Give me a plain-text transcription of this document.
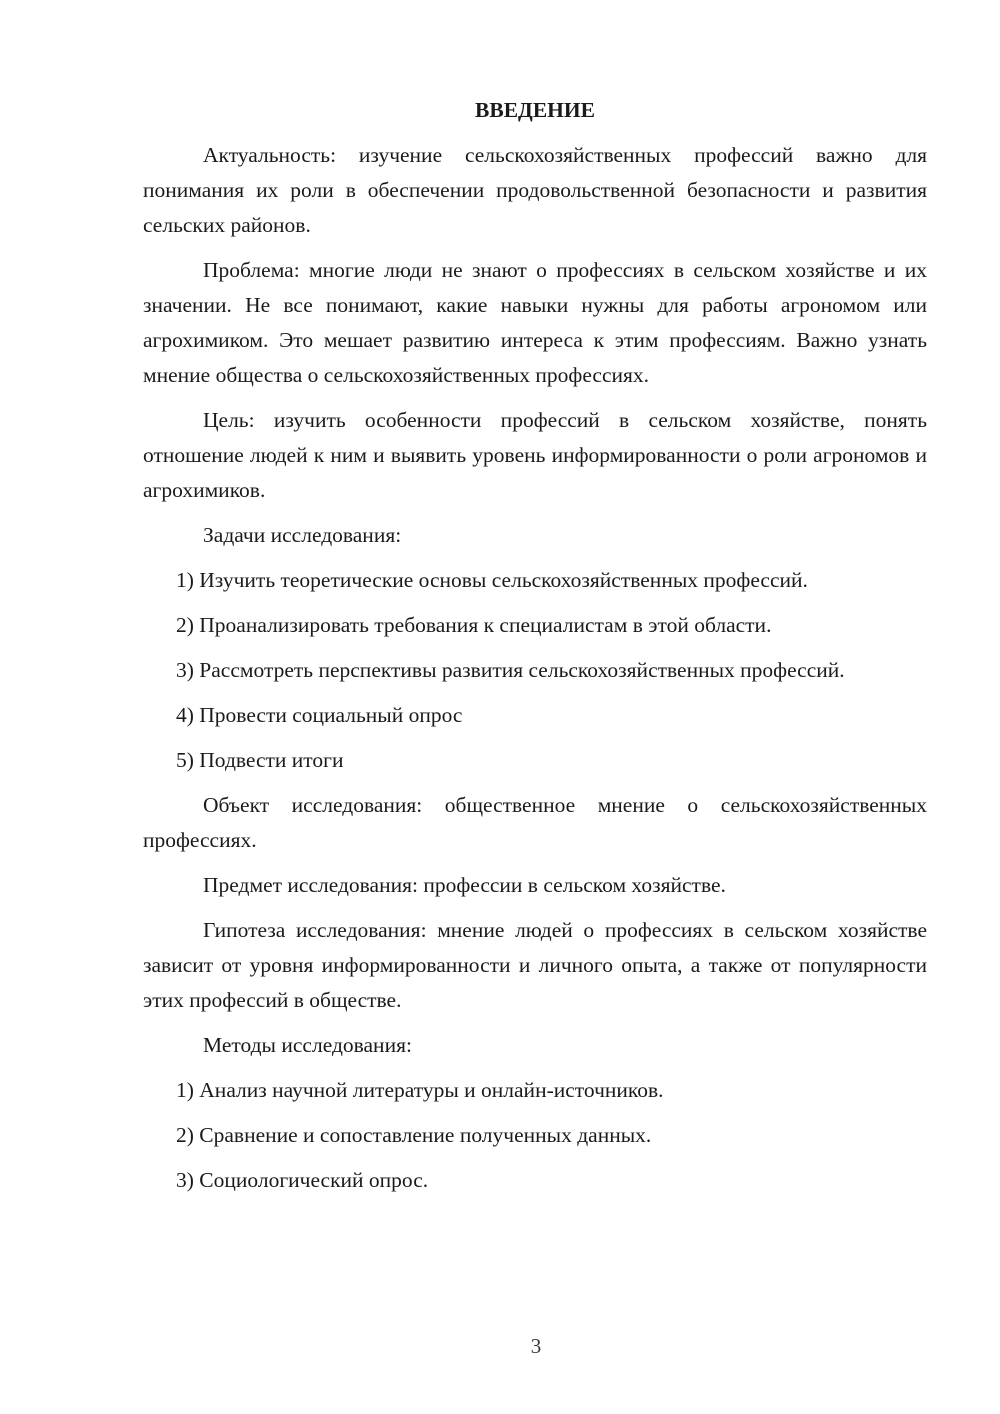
ВВЕДЕНИЕ
Актуальность: изучение сельскохозяйственных профессий важно для понимания их роли в обеспечении продовольственной безопасности и развития сельских районов.
Проблема: многие люди не знают о профессиях в сельском хозяйстве и их значении. Не все понимают, какие навыки нужны для работы агрономом или агрохимиком. Это мешает развитию интереса к этим профессиям. Важно узнать мнение общества о сельскохозяйственных профессиях.
Цель: изучить особенности профессий в сельском хозяйстве, понять отношение людей к ним и выявить уровень информированности о роли агрономов и агрохимиков.
Задачи исследования:
1) Изучить теоретические основы сельскохозяйственных профессий.
2) Проанализировать требования к специалистам в этой области.
3) Рассмотреть перспективы развития сельскохозяйственных профессий.
4) Провести социальный опрос
5) Подвести итоги
Объект исследования: общественное мнение о сельскохозяйственных профессиях.
Предмет исследования: профессии в сельском хозяйстве.
Гипотеза исследования: мнение людей о профессиях в сельском хозяйстве зависит от уровня информированности и личного опыта, а также от популярности этих профессий в обществе.
Методы исследования:
1) Анализ научной литературы и онлайн-источников.
2) Сравнение и сопоставление полученных данных.
3) Социологический опрос.
3
